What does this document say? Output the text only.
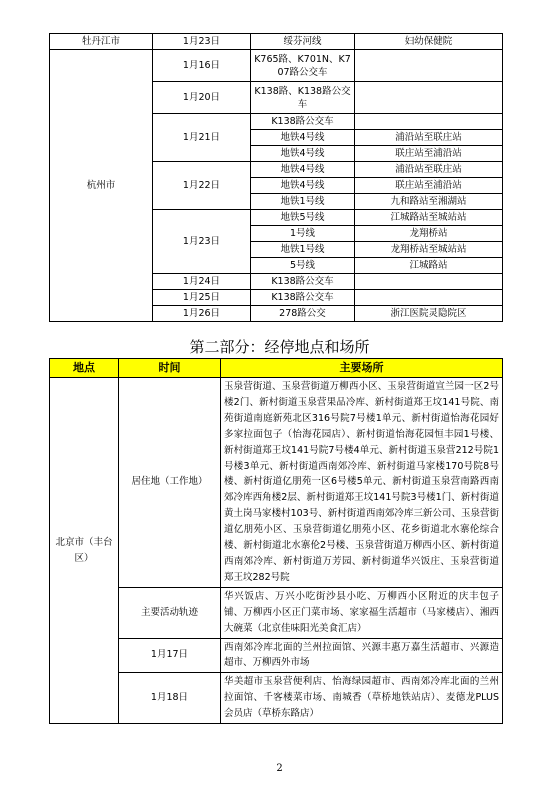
牡丹江市	1月23日	绥芬河线	妇幼保健院
杭州市	1月16日	K765路、K701N、K707路公交车	
	1月20日	K138路、K138路公交车	
	1月21日	K138路公交车	
		地铁4号线	浦沿站至联庄站
		地铁4号线	联庄站至浦沿站
	1月22日	地铁4号线	浦沿站至联庄站
		地铁4号线	联庄站至浦沿站
		地铁1号线	九和路站至湘湖站
	1月23日	地铁5号线	江城路站至城站站
		1号线	龙翔桥站
		地铁1号线	龙翔桥站至城站站
		5号线	江城路站
	1月24日	K138路公交车	
	1月25日	K138路公交车	
	1月26日	278路公交	浙江医院灵隐院区
第二部分：经停地点和场所
地点	时间	主要场所
北京市（丰台区）	居住地（工作地）	玉泉营街道、玉泉营街道万柳西小区、玉泉营街道宣兰园一区2号楼2门、新村街道玉泉营果品冷库、新村街道郑王坟141号院、南苑街道南庭新苑北区316号院7号楼1单元、新村街道怡海花园好多家拉面包子（怡海花园店）、新村街道怡海花园恒丰园1号楼、新村街道郑王坟141号院7号楼4单元、新村街道玉泉营212号院1号楼3单元、新村街道西南郊冷库、新村街道马家楼170号院8号楼、新村街道亿朋苑一区6号楼5单元、新村街道玉泉营南路西南郊冷库西角楼2层、新村街道郑王坟141号院3号楼1门、新村街道黄土岗马家楼村103号、新村街道西南郊冷库三新公司、玉泉营街道亿朋苑小区、玉泉营街道亿朋苑小区、花乡街道北水寨伦综合楼、新村街道北水寨伦2号楼、玉泉营街道万柳西小区、新村街道西南郊冷库、新村街道万芳园、新村街道华兴饭庄、玉泉营街道郑王坟282号院
	主要活动轨迹	华兴饭店、万兴小吃街沙县小吃、万柳西小区附近的庆丰包子铺、万柳西小区正门菜市场、家家福生活超市（马家楼店）、湘西大碗菜（北京佳味阳光美食汇店）
	1月17日	西南郊冷库北面的兰州拉面馆、兴源丰惠万嘉生活超市、兴源造超市、万柳西外市场
	1月18日	华美超市玉泉营便利店、怡海绿园超市、西南郊冷库北面的兰州拉面馆、千客楼菜市场、南城香（草桥地铁站店）、麦德龙PLUS会员店（草桥东路店）
2
